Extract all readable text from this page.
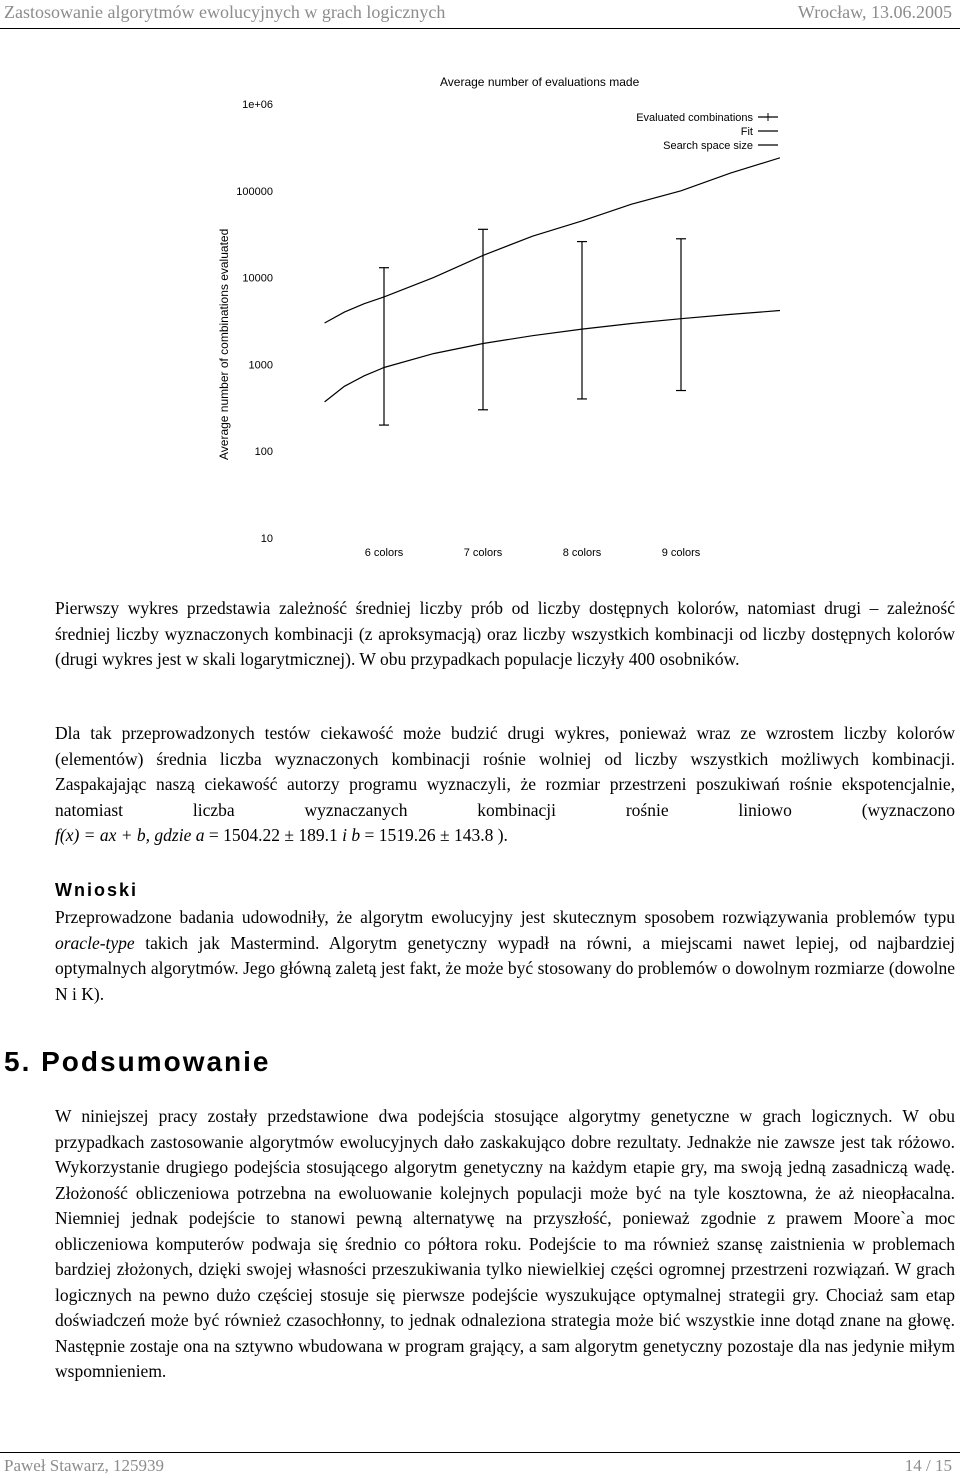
Zastosowanie algorytmów ewolucyjnych w grach logicznych	Wrocław, 13.06.2005
Average number of evaluations made
Average number of combinations evaluated
10
100
1000
10000
100000
1e+06
6 colors	7 colors	8 colors	9 colors
Evaluated combinations
Fit
Search space size

Pierwszy wykres przedstawia zależność średniej liczby prób od liczby dostępnych kolorów, natomiast drugi – zależność średniej liczby wyznaczonych kombinacji (z aproksymacją) oraz liczby wszystkich kombinacji od liczby dostępnych kolorów (drugi wykres jest w skali logarytmicznej). W obu przypadkach populacje liczyły 400 osobników.

Dla tak przeprowadzonych testów ciekawość może budzić drugi wykres, ponieważ wraz ze wzrostem liczby kolorów (elementów) średnia liczba wyznaczonych kombinacji rośnie wolniej od liczby wszystkich możliwych kombinacji. Zaspakajając naszą ciekawość autorzy programu wyznaczyli, że rozmiar przestrzeni poszukiwań rośnie ekspotencjalnie, natomiast liczba wyznaczanych kombinacji rośnie liniowo (wyznaczono f(x) = ax + b, gdzie a = 1504.22 ± 189.1 i b = 1519.26 ± 143.8 ).

Wnioski

Przeprowadzone badania udowodniły, że algorytm ewolucyjny jest skutecznym sposobem rozwiązywania problemów typu oracle-type takich jak Mastermind. Algorytm genetyczny wypadł na równi, a miejscami nawet lepiej, od najbardziej optymalnych algorytmów. Jego główną zaletą jest fakt, że może być stosowany do problemów o dowolnym rozmiarze (dowolne N i K).

5. Podsumowanie

W niniejszej pracy zostały przedstawione dwa podejścia stosujące algorytmy genetyczne w grach logicznych. W obu przypadkach zastosowanie algorytmów ewolucyjnych dało zaskakująco dobre rezultaty. Jednakże nie zawsze jest tak różowo. Wykorzystanie drugiego podejścia stosującego algorytm genetyczny na każdym etapie gry, ma swoją jedną zasadniczą wadę. Złożoność obliczeniowa potrzebna na ewoluowanie kolejnych populacji może być na tyle kosztowna, że aż nieopłacalna. Niemniej jednak podejście to stanowi pewną alternatywę na przyszłość, ponieważ zgodnie z prawem Moore`a moc obliczeniowa komputerów podwaja się średnio co półtora roku. Podejście to ma również szansę zaistnienia w problemach bardziej złożonych, dzięki swojej własności przeszukiwania tylko niewielkiej części ogromnej przestrzeni rozwiązań. W grach logicznych na pewno dużo częściej stosuje się pierwsze podejście wyszukujące optymalnej strategii gry. Chociaż sam etap doświadczeń może być również czasochłonny, to jednak odnaleziona strategia może bić wszystkie inne dotąd znane na głowę. Następnie zostaje ona na sztywno wbudowana w program grający, a sam algorytm genetyczny pozostaje dla nas jedynie miłym wspomnieniem.

Paweł Stawarz, 125939	14 / 15
